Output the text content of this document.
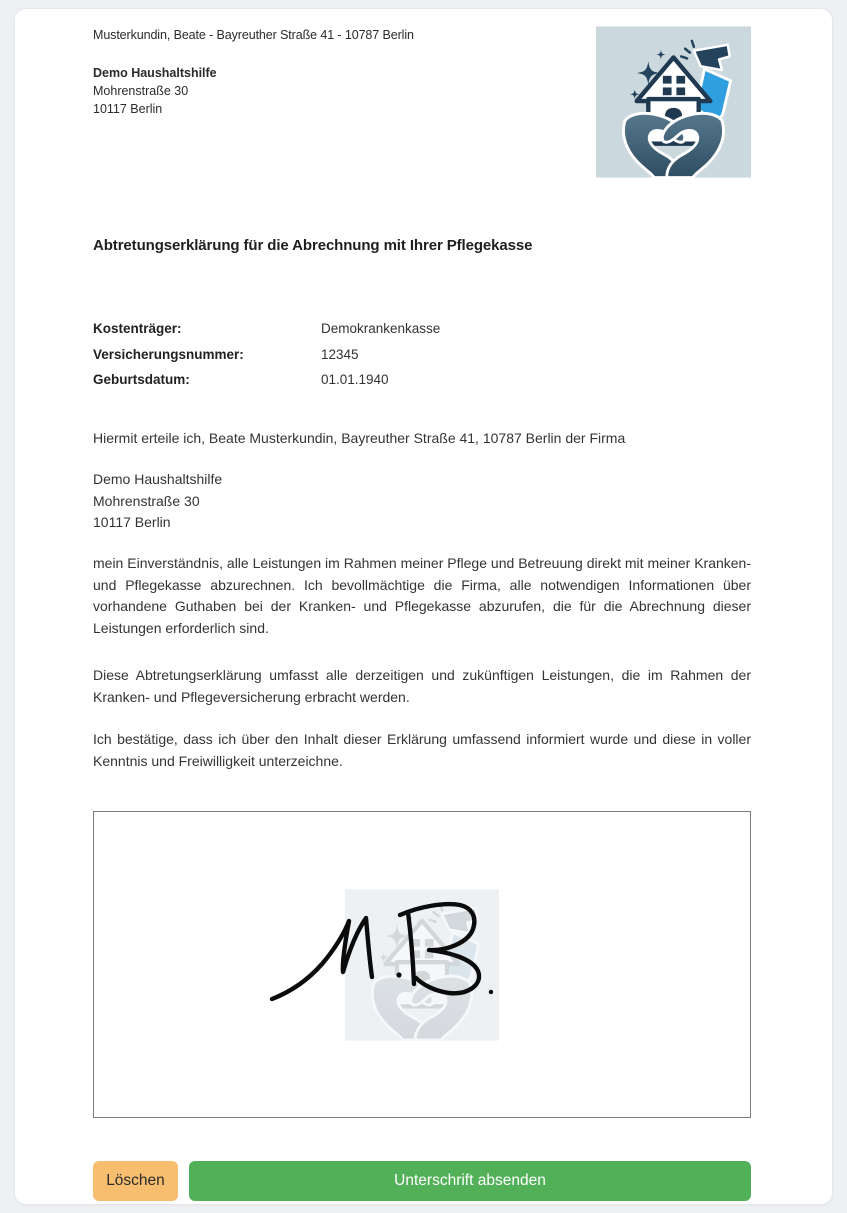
Musterkundin, Beate - Bayreuther Straße 41 - 10787 Berlin
Demo Haushaltshilfe
Mohrenstraße 30
10117 Berlin
Abtretungserklärung für die Abrechnung mit Ihrer Pflegekasse
Kostenträger:	Demokrankenkasse
Versicherungsnummer:	12345
Geburtsdatum:	01.01.1940
Hiermit erteile ich, Beate Musterkundin, Bayreuther Straße 41, 10787 Berlin der Firma
Demo Haushaltshilfe
Mohrenstraße 30
10117 Berlin
mein Einverständnis, alle Leistungen im Rahmen meiner Pflege und Betreuung direkt mit meiner Kranken- und Pflegekasse abzurechnen. Ich bevollmächtige die Firma, alle notwendigen Informationen über vorhandene Guthaben bei der Kranken- und Pflegekasse abzurufen, die für die Abrechnung dieser Leistungen erforderlich sind.
Diese Abtretungserklärung umfasst alle derzeitigen und zukünftigen Leistungen, die im Rahmen der Kranken- und Pflegeversicherung erbracht werden.
Ich bestätige, dass ich über den Inhalt dieser Erklärung umfassend informiert wurde und diese in voller Kenntnis und Freiwilligkeit unterzeichne.
Löschen	Unterschrift absenden
